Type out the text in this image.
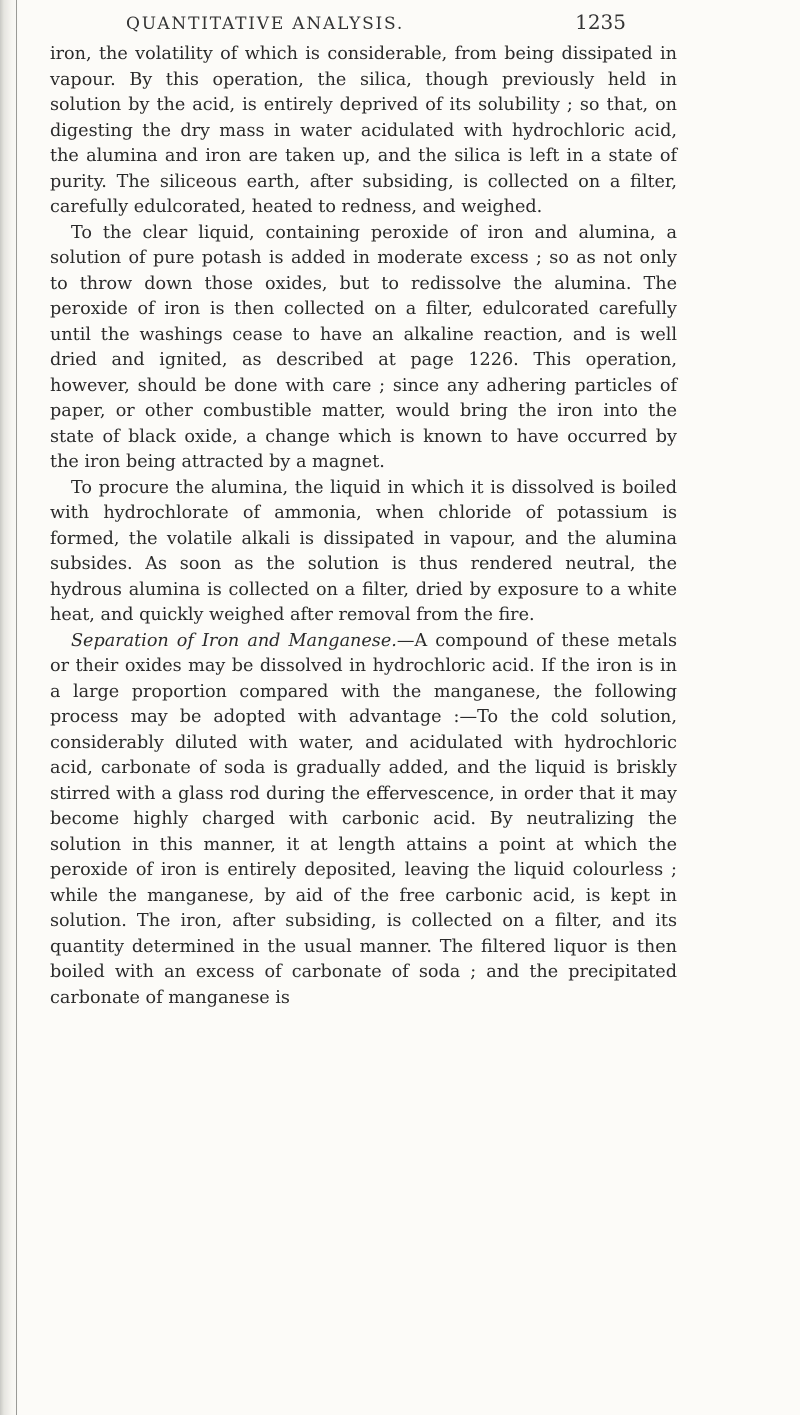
QUANTITATIVE ANALYSIS.	1235

iron, the volatility of which is considerable, from being dissipated in vapour. By this operation, the silica, though previously held in solution by the acid, is entirely deprived of its solubility ; so that, on digesting the dry mass in water acidulated with hydrochloric acid, the alumina and iron are taken up, and the silica is left in a state of purity. The siliceous earth, after subsiding, is collected on a filter, carefully edulcorated, heated to redness, and weighed.

To the clear liquid, containing peroxide of iron and alumina, a solution of pure potash is added in moderate excess ; so as not only to throw down those oxides, but to redissolve the alumina. The peroxide of iron is then collected on a filter, edulcorated carefully until the washings cease to have an alkaline reaction, and is well dried and ignited, as described at page 1226. This operation, however, should be done with care ; since any adhering particles of paper, or other combustible matter, would bring the iron into the state of black oxide, a change which is known to have occurred by the iron being attracted by a magnet.

To procure the alumina, the liquid in which it is dissolved is boiled with hydrochlorate of ammonia, when chloride of potassium is formed, the volatile alkali is dissipated in vapour, and the alumina subsides. As soon as the solution is thus rendered neutral, the hydrous alumina is collected on a filter, dried by exposure to a white heat, and quickly weighed after removal from the fire.

Separation of Iron and Manganese.—A compound of these metals or their oxides may be dissolved in hydrochloric acid. If the iron is in a large proportion compared with the manganese, the following process may be adopted with advantage :—To the cold solution, considerably diluted with water, and acidulated with hydrochloric acid, carbonate of soda is gradually added, and the liquid is briskly stirred with a glass rod during the effervescence, in order that it may become highly charged with carbonic acid. By neutralizing the solution in this manner, it at length attains a point at which the peroxide of iron is entirely deposited, leaving the liquid colourless ; while the manganese, by aid of the free carbonic acid, is kept in solution. The iron, after subsiding, is collected on a filter, and its quantity determined in the usual manner. The filtered liquor is then boiled with an excess of carbonate of soda ; and the precipitated carbonate of manganese is
